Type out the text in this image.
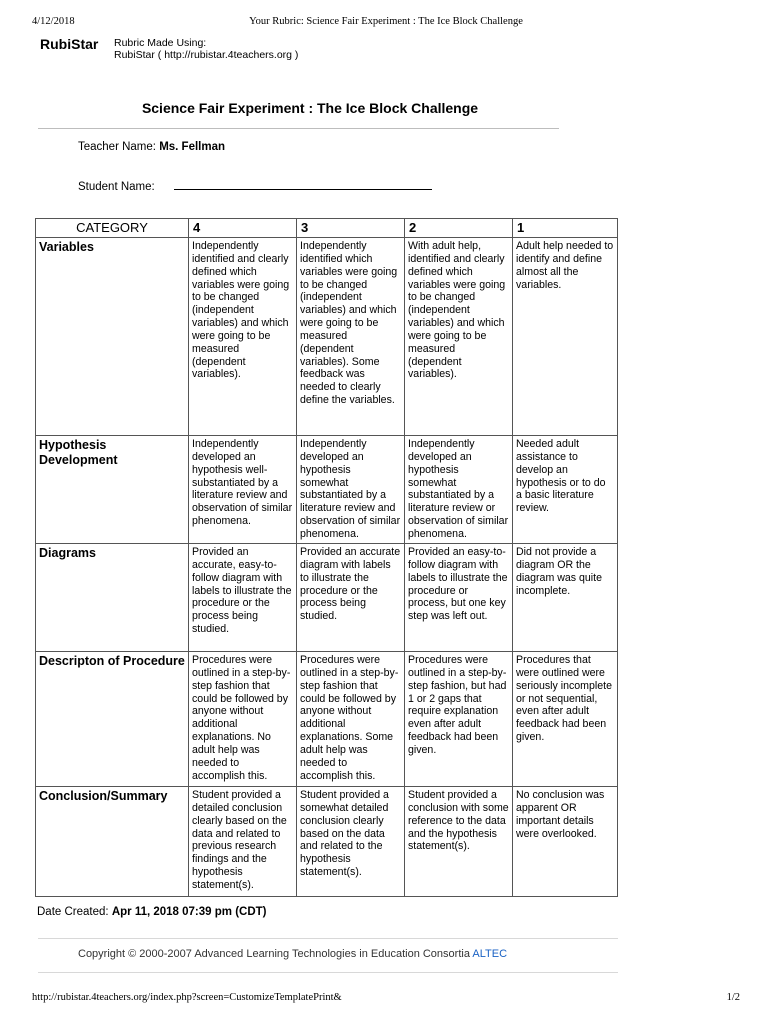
4/12/2018	Your Rubric: Science Fair Experiment : The Ice Block Challenge

RubiStar Rubric Made Using:
RubiStar ( http://rubistar.4teachers.org )
Science Fair Experiment : The Ice Block Challenge
Teacher Name: Ms. Fellman
Student Name:
CATEGORY	4	3	2	1
Variables	Independently identified and clearly defined which variables were going to be changed (independent variables) and which were going to be measured (dependent variables).	Independently identified which variables were going to be changed (independent variables) and which were going to be measured (dependent variables). Some feedback was needed to clearly define the variables.	With adult help, identified and clearly defined which variables were going to be changed (independent variables) and which were going to be measured (dependent variables).	Adult help needed to identify and define almost all the variables.
Hypothesis Development	Independently developed an hypothesis well-substantiated by a literature review and observation of similar phenomena.	Independently developed an hypothesis somewhat substantiated by a literature review and observation of similar phenomena.	Independently developed an hypothesis somewhat substantiated by a literature review or observation of similar phenomena.	Needed adult assistance to develop an hypothesis or to do a basic literature review.
Diagrams	Provided an accurate, easy-to-follow diagram with labels to illustrate the procedure or the process being studied.	Provided an accurate diagram with labels to illustrate the procedure or the process being studied.	Provided an easy-to-follow diagram with labels to illustrate the procedure or process, but one key step was left out.	Did not provide a diagram OR the diagram was quite incomplete.
Descripton of Procedure	Procedures were outlined in a step-by-step fashion that could be followed by anyone without additional explanations. No adult help was needed to accomplish this.	Procedures were outlined in a step-by-step fashion that could be followed by anyone without additional explanations. Some adult help was needed to accomplish this.	Procedures were outlined in a step-by-step fashion, but had 1 or 2 gaps that require explanation even after adult feedback had been given.	Procedures that were outlined were seriously incomplete or not sequential, even after adult feedback had been given.
Conclusion/Summary	Student provided a detailed conclusion clearly based on the data and related to previous research findings and the hypothesis statement(s).	Student provided a somewhat detailed conclusion clearly based on the data and related to the hypothesis statement(s).	Student provided a conclusion with some reference to the data and the hypothesis statement(s).	No conclusion was apparent OR important details were overlooked.
Date Created: Apr 11, 2018 07:39 pm (CDT)
Copyright © 2000-2007 Advanced Learning Technologies in Education Consortia ALTEC
http://rubistar.4teachers.org/index.php?screen=CustomizeTemplatePrint&	1/2
